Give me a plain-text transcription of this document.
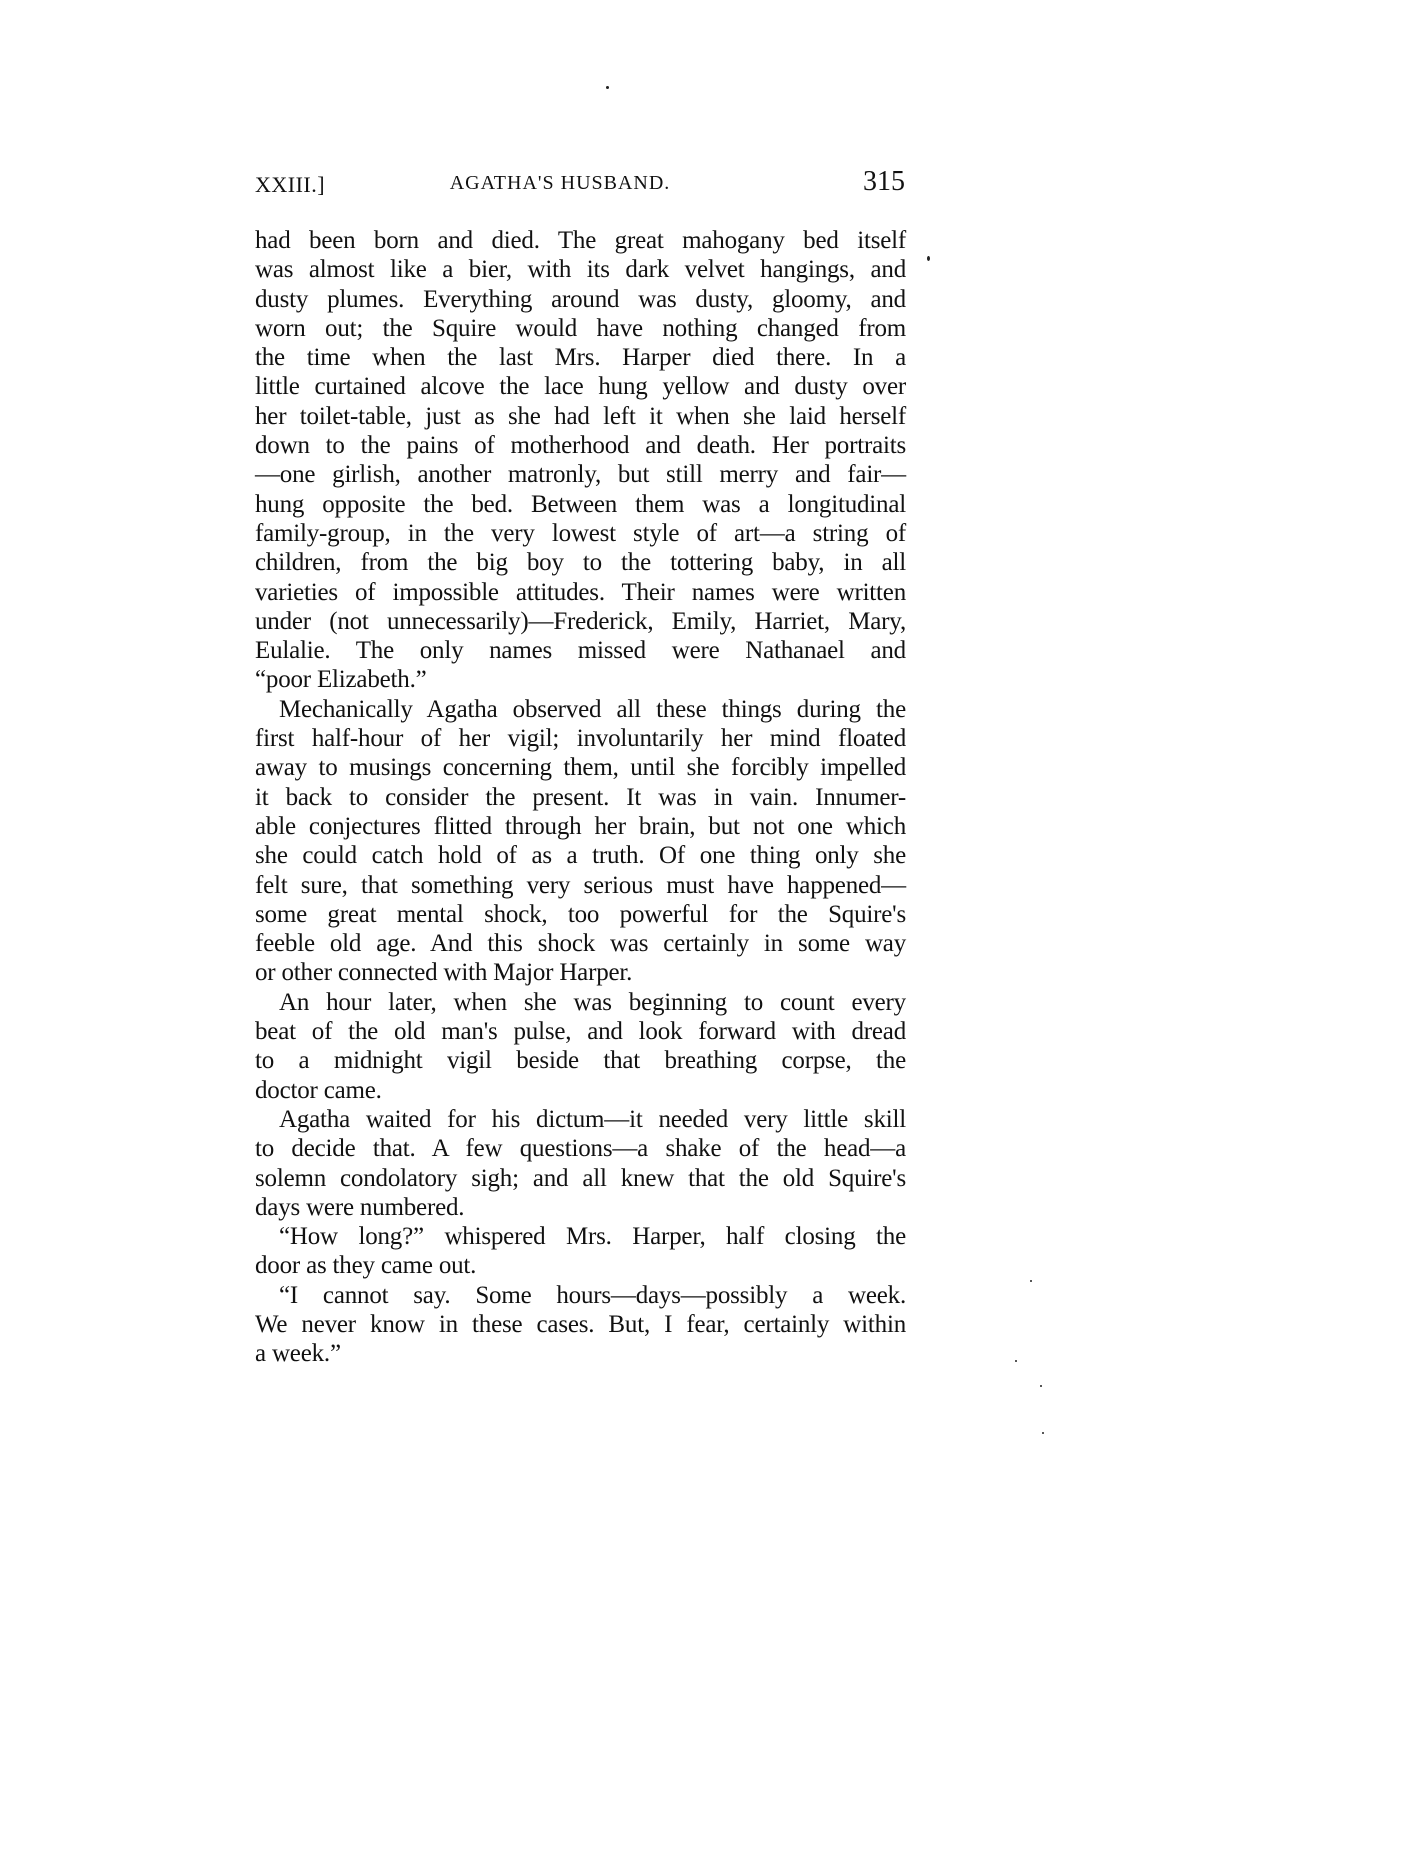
XXIII.]	AGATHA'S HUSBAND.	315
had been born and died. The great mahogany bed itself
was almost like a bier, with its dark velvet hangings, and
dusty plumes. Everything around was dusty, gloomy, and
worn out; the Squire would have nothing changed from
the time when the last Mrs. Harper died there. In a
little curtained alcove the lace hung yellow and dusty over
her toilet-table, just as she had left it when she laid herself
down to the pains of motherhood and death. Her portraits
—one girlish, another matronly, but still merry and fair—
hung opposite the bed. Between them was a longitudinal
family-group, in the very lowest style of art—a string of
children, from the big boy to the tottering baby, in all
varieties of impossible attitudes. Their names were written
under (not unnecessarily)—Frederick, Emily, Harriet, Mary,
Eulalie. The only names missed were Nathanael and
“poor Elizabeth.”
Mechanically Agatha observed all these things during the
first half-hour of her vigil; involuntarily her mind floated
away to musings concerning them, until she forcibly impelled
it back to consider the present. It was in vain. Innumer-
able conjectures flitted through her brain, but not one which
she could catch hold of as a truth. Of one thing only she
felt sure, that something very serious must have happened—
some great mental shock, too powerful for the Squire's
feeble old age. And this shock was certainly in some way
or other connected with Major Harper.
An hour later, when she was beginning to count every
beat of the old man's pulse, and look forward with dread
to a midnight vigil beside that breathing corpse, the
doctor came.
Agatha waited for his dictum—it needed very little skill
to decide that. A few questions—a shake of the head—a
solemn condolatory sigh; and all knew that the old Squire's
days were numbered.
“How long?” whispered Mrs. Harper, half closing the
door as they came out.
“I cannot say. Some hours—days—possibly a week.
We never know in these cases. But, I fear, certainly within
a week.”
